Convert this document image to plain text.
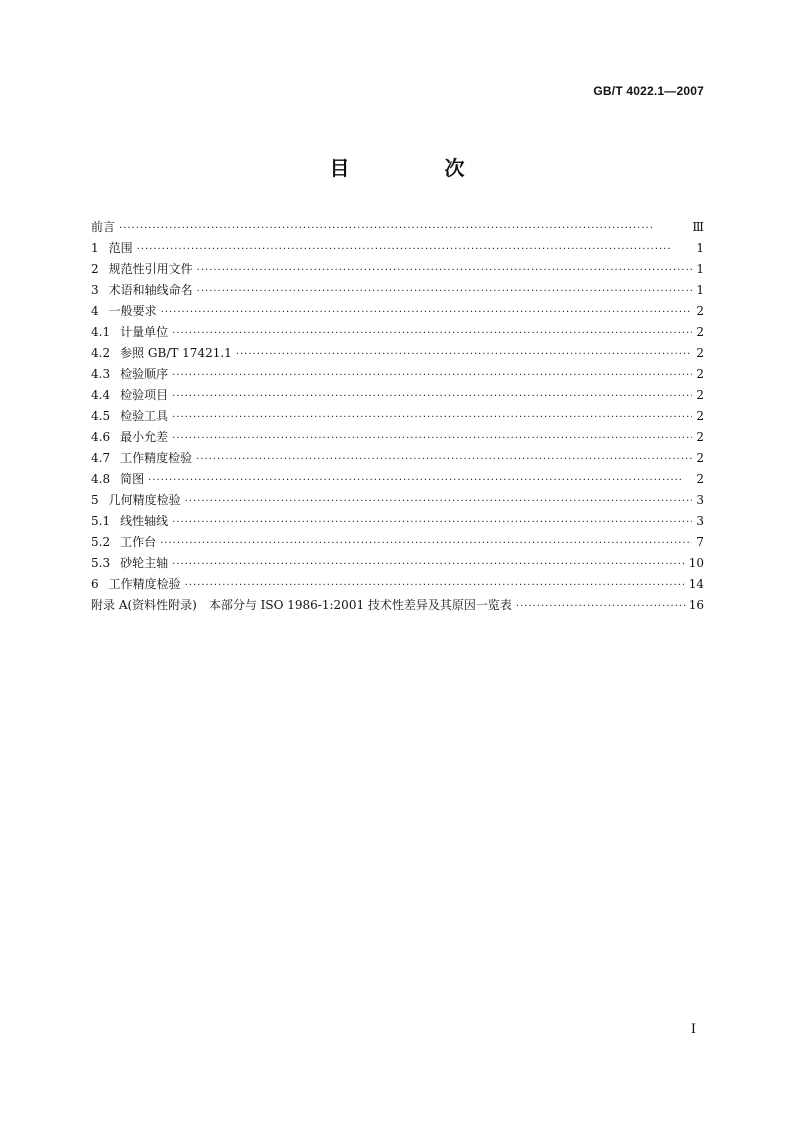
GB/T 4022.1—2007
目 次
前言 ·····	Ⅲ
1 范围 ·····	1
2 规范性引用文件 ·····	1
3 术语和轴线命名 ·····	1
4 一般要求 ·····	2
4.1 计量单位 ·····	2
4.2 参照 GB/T 17421.1 ·····	2
4.3 检验顺序 ·····	2
4.4 检验项目 ·····	2
4.5 检验工具 ·····	2
4.6 最小允差 ·····	2
4.7 工作精度检验 ·····	2
4.8 简图 ·····	2
5 几何精度检验 ·····	3
5.1 线性轴线 ·····	3
5.2 工作台 ·····	7
5.3 砂轮主轴 ·····	10
6 工作精度检验 ·····	14
附录 A(资料性附录)　本部分与 ISO 1986-1:2001 技术性差异及其原因一览表 ·····	16
I
